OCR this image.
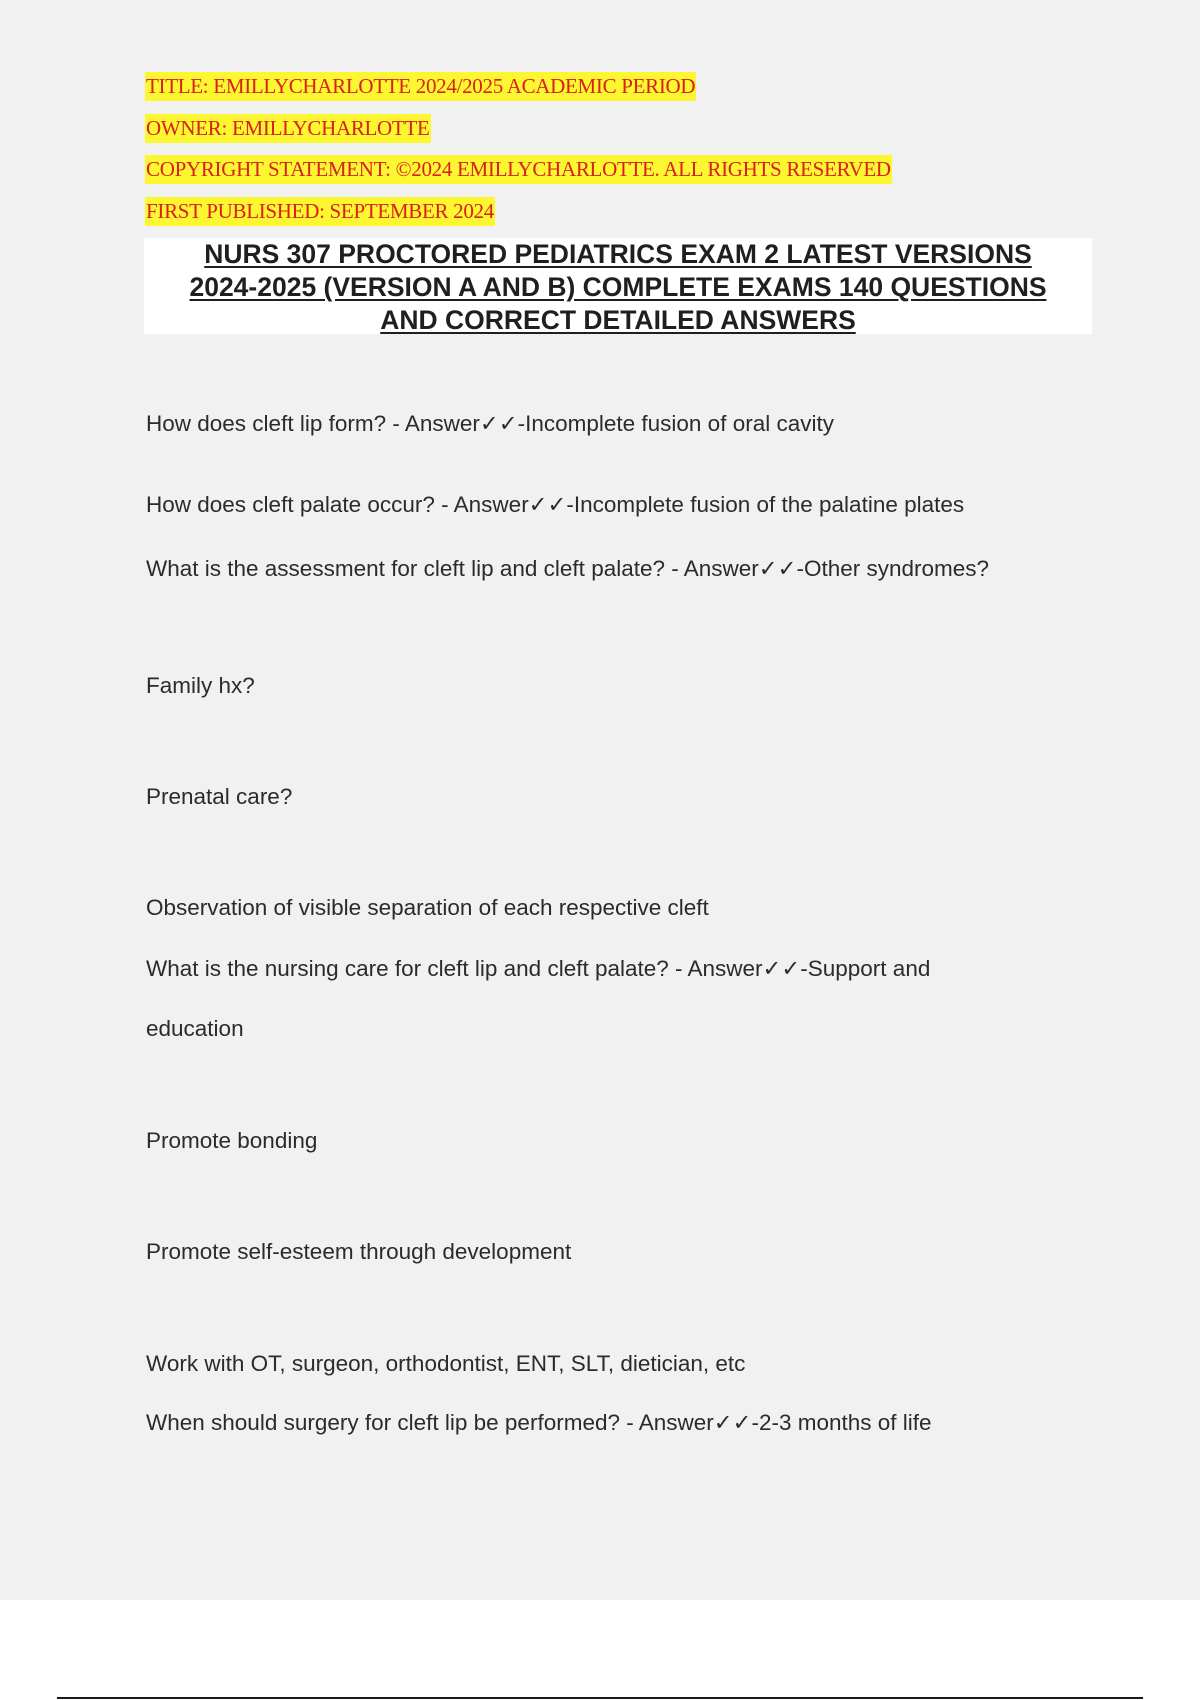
TITLE: EMILLYCHARLOTTE 2024/2025 ACADEMIC PERIOD
OWNER: EMILLYCHARLOTTE
COPYRIGHT STATEMENT: ©2024 EMILLYCHARLOTTE. ALL RIGHTS RESERVED
FIRST PUBLISHED: SEPTEMBER 2024
NURS 307 PROCTORED PEDIATRICS EXAM 2 LATEST VERSIONS
2024-2025 (VERSION A AND B) COMPLETE EXAMS 140 QUESTIONS
AND CORRECT DETAILED ANSWERS
How does cleft lip form? - Answer✓✓-Incomplete fusion of oral cavity
How does cleft palate occur? - Answer✓✓-Incomplete fusion of the palatine plates
What is the assessment for cleft lip and cleft palate? - Answer✓✓-Other syndromes?
Family hx?
Prenatal care?
Observation of visible separation of each respective cleft
What is the nursing care for cleft lip and cleft palate? - Answer✓✓-Support and
education
Promote bonding
Promote self-esteem through development
Work with OT, surgeon, orthodontist, ENT, SLT, dietician, etc
When should surgery for cleft lip be performed? - Answer✓✓-2-3 months of life
